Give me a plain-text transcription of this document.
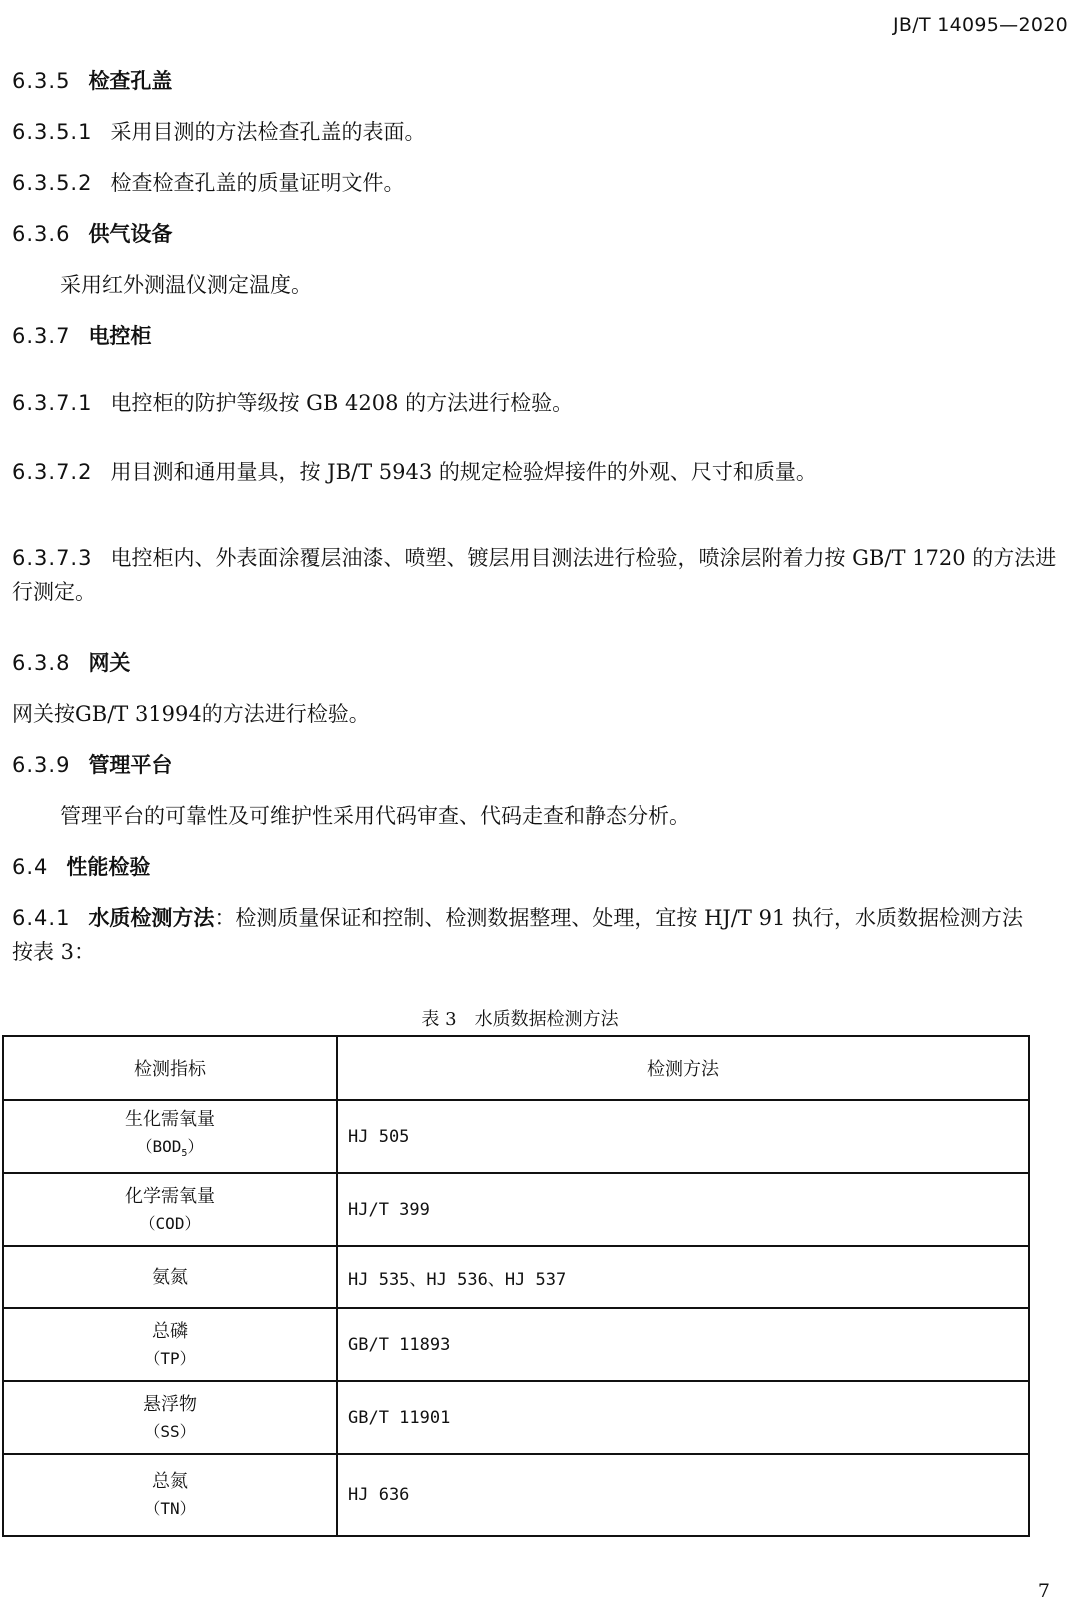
JB/T 14095—2020
6.3.5 检查孔盖
6.3.5.1 采用目测的方法检查孔盖的表面。
6.3.5.2 检查检查孔盖的质量证明文件。
6.3.6 供气设备
采用红外测温仪测定温度。
6.3.7 电控柜
6.3.7.1 电控柜的防护等级按 GB 4208 的方法进行检验。
6.3.7.2 用目测和通用量具，按 JB/T 5943 的规定检验焊接件的外观、尺寸和质量。
6.3.7.3 电控柜内、外表面涂覆层油漆、喷塑、镀层用目测法进行检验，喷涂层附着力按 GB/T 1720 的方法进行测定。
6.3.8 网关
网关按GB/T 31994的方法进行检验。
6.3.9 管理平台
管理平台的可靠性及可维护性采用代码审查、代码走查和静态分析。
6.4 性能检验
6.4.1 水质检测方法：检测质量保证和控制、检测数据整理、处理，宜按 HJ/T 91 执行，水质数据检测方法按表 3：
表 3　水质数据检测方法
检测指标	检测方法
生化需氧量
$(BOD_5)$	HJ 505
化学需氧量
（COD）	HJ/T 399
氨氮	HJ 535、HJ 536、HJ 537
总磷
（TP）	GB/T 11893
悬浮物
（SS）	GB/T 11901
总氮
（TN）	HJ 636
7
